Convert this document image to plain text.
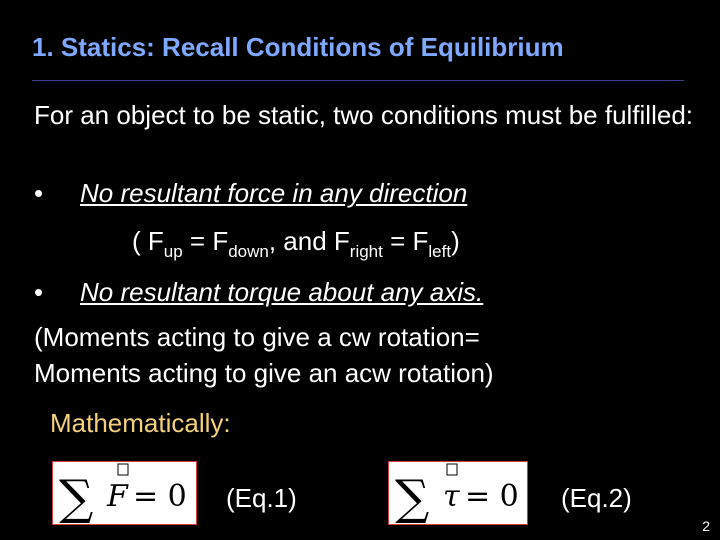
1. Statics: Recall Conditions of Equilibrium
For an object to be static, two conditions must be fulfilled:
• No resultant force in any direction
( $F_{up} = F_{down}$, and $F_{right} = F_{left}$)
• No resultant torque about any axis.
(Moments acting to give a cw rotation=
Moments acting to give an acw rotation)
Mathematically:
∑ F = 0 (Eq.1) ∑ τ = 0 (Eq.2)
2
